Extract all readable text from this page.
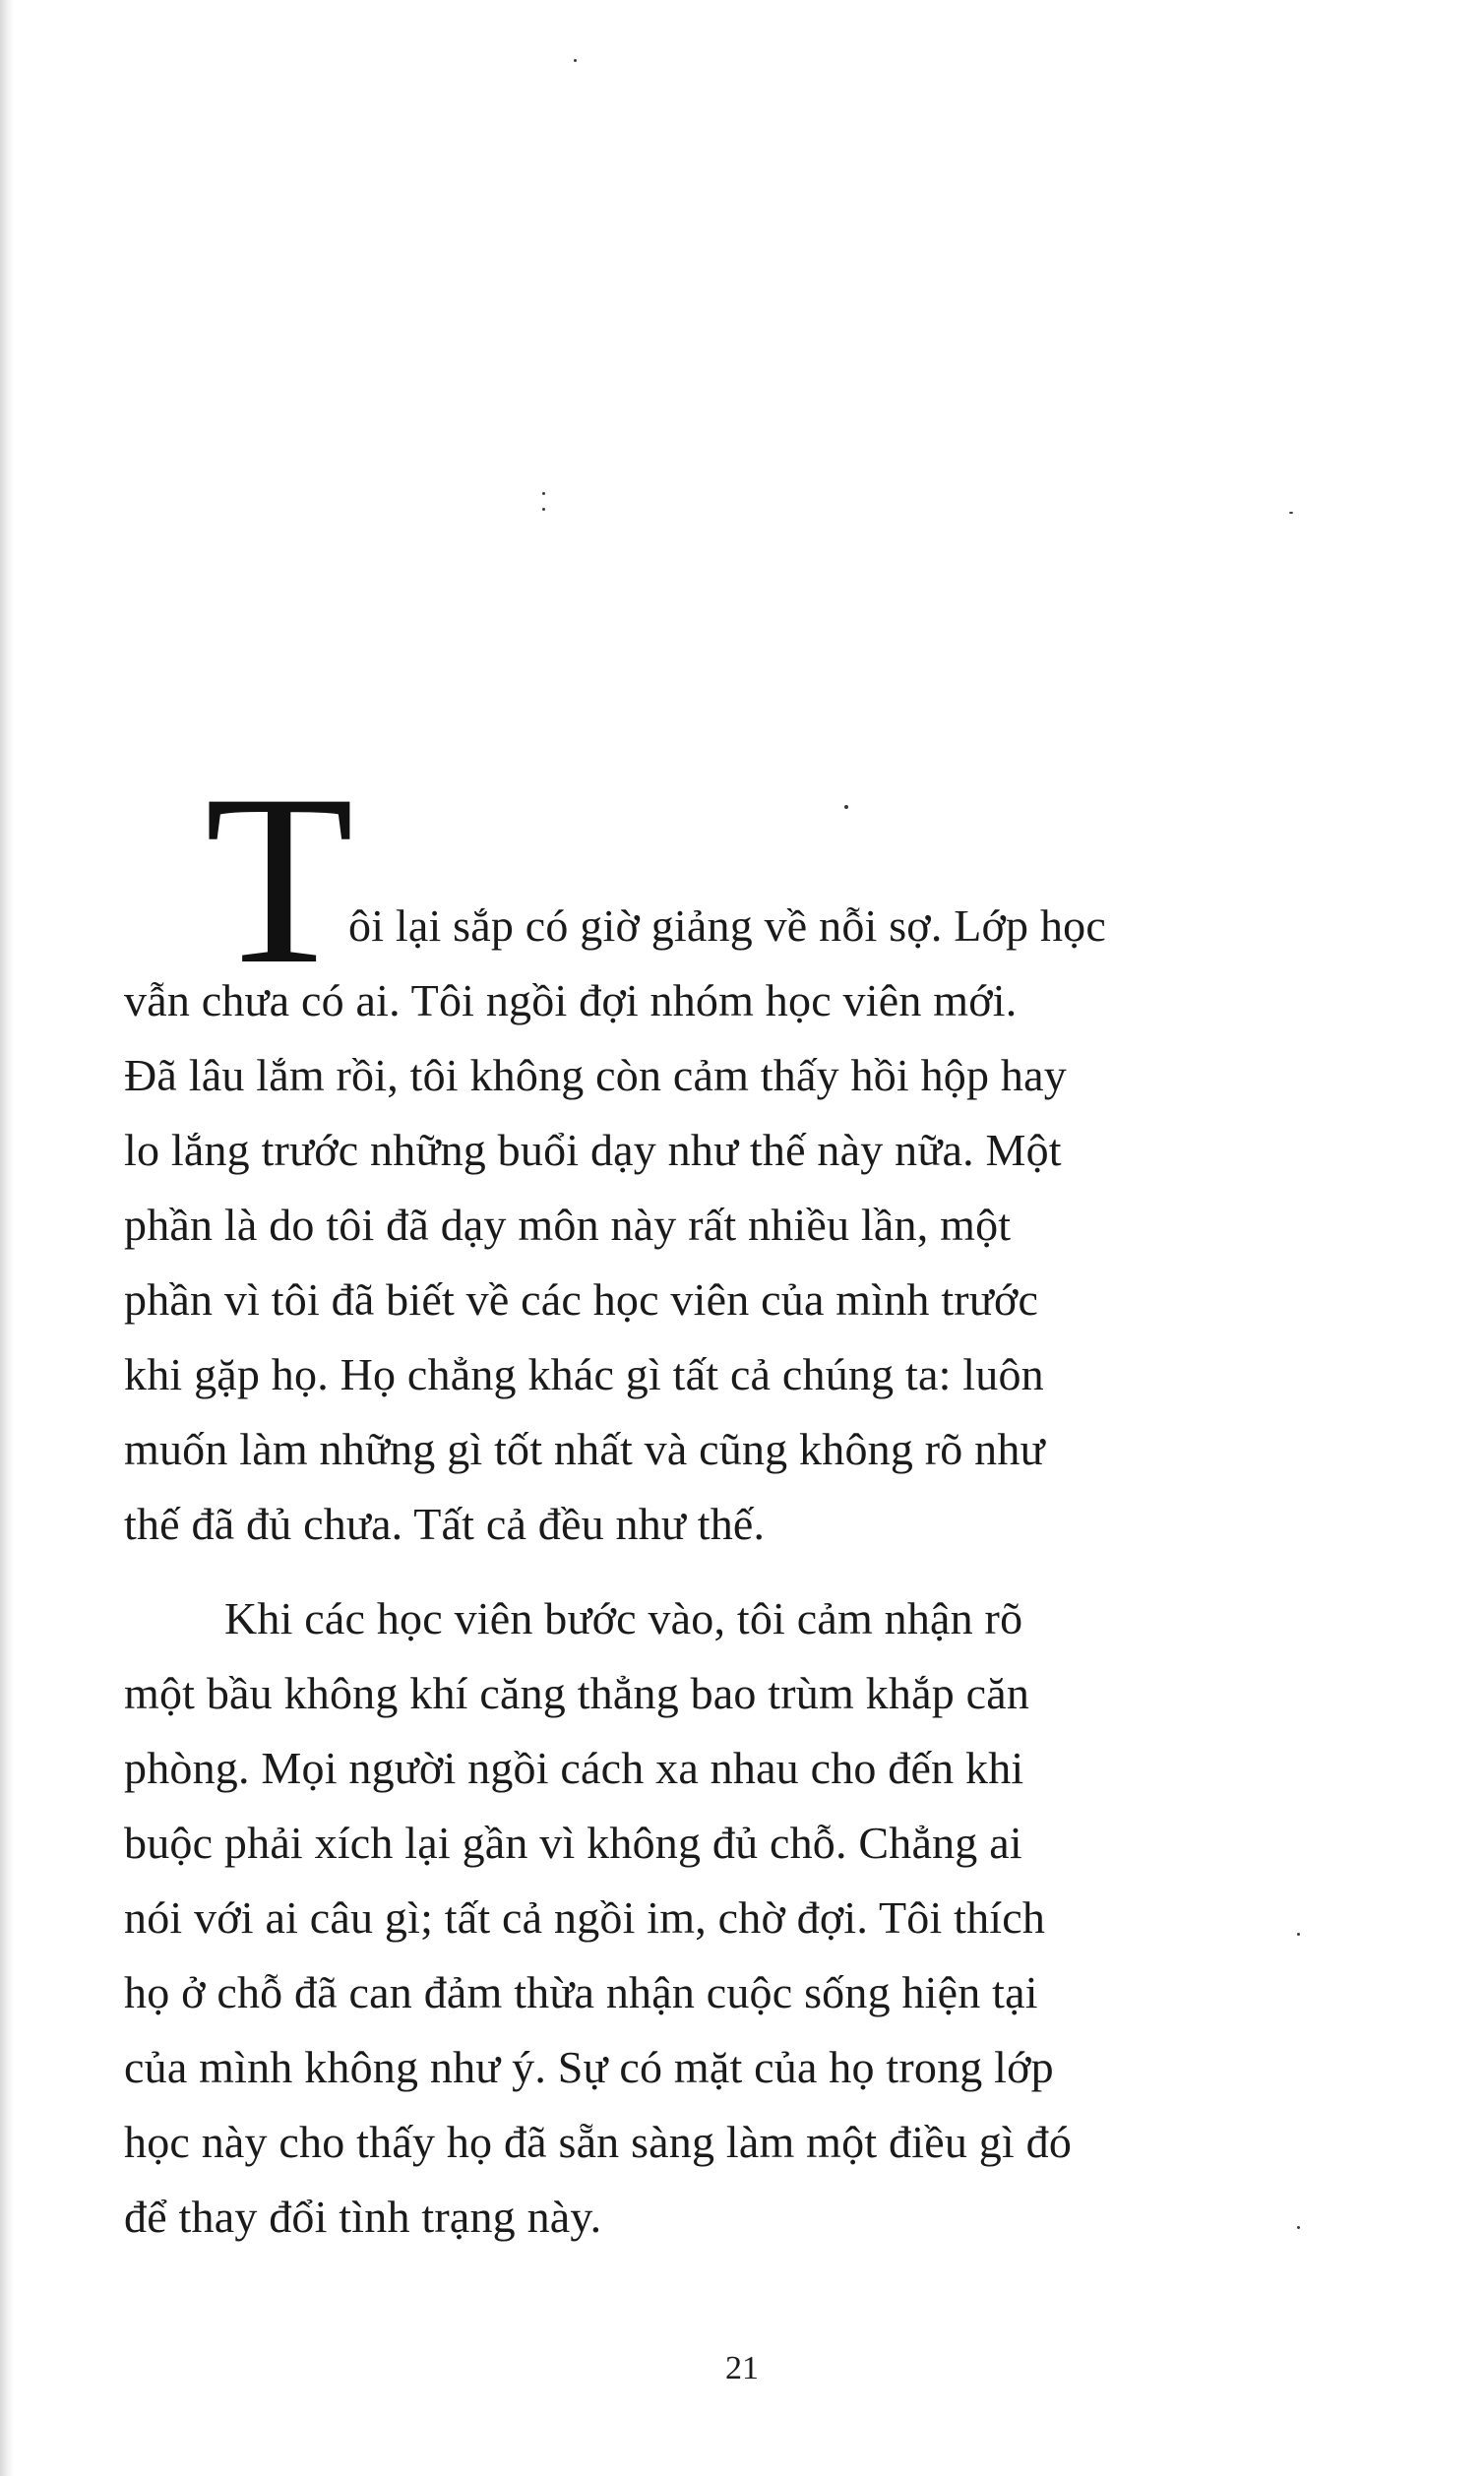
T
ôi lại sắp có giờ giảng về nỗi sợ. Lớp học
vẫn chưa có ai. Tôi ngồi đợi nhóm học viên mới.
Đã lâu lắm rồi, tôi không còn cảm thấy hồi hộp hay
lo lắng trước những buổi dạy như thế này nữa. Một
phần là do tôi đã dạy môn này rất nhiều lần, một
phần vì tôi đã biết về các học viên của mình trước
khi gặp họ. Họ chẳng khác gì tất cả chúng ta: luôn
muốn làm những gì tốt nhất và cũng không rõ như
thế đã đủ chưa. Tất cả đều như thế.
Khi các học viên bước vào, tôi cảm nhận rõ
một bầu không khí căng thẳng bao trùm khắp căn
phòng. Mọi người ngồi cách xa nhau cho đến khi
buộc phải xích lại gần vì không đủ chỗ. Chẳng ai
nói với ai câu gì; tất cả ngồi im, chờ đợi. Tôi thích
họ ở chỗ đã can đảm thừa nhận cuộc sống hiện tại
của mình không như ý. Sự có mặt của họ trong lớp
học này cho thấy họ đã sẵn sàng làm một điều gì đó
để thay đổi tình trạng này.
21
